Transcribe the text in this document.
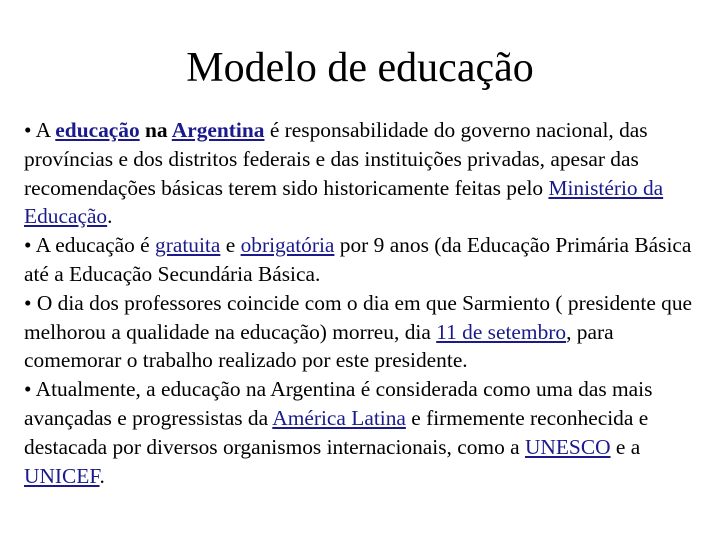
Modelo de educação

• A educação na Argentina é responsabilidade do governo nacional, das províncias e dos distritos federais e das instituições privadas, apesar das recomendações básicas terem sido historicamente feitas pelo Ministério da Educação.

• A educação é gratuita e obrigatória por 9 anos (da Educação Primária Básica até a Educação Secundária Básica.

• O dia dos professores coincide com o dia em que Sarmiento ( presidente que melhorou a qualidade na educação) morreu, dia 11 de setembro, para comemorar o trabalho realizado por este presidente.

• Atualmente, a educação na Argentina é considerada como uma das mais avançadas e progressistas da América Latina e firmemente reconhecida e destacada por diversos organismos internacionais, como a UNESCO e a UNICEF.
